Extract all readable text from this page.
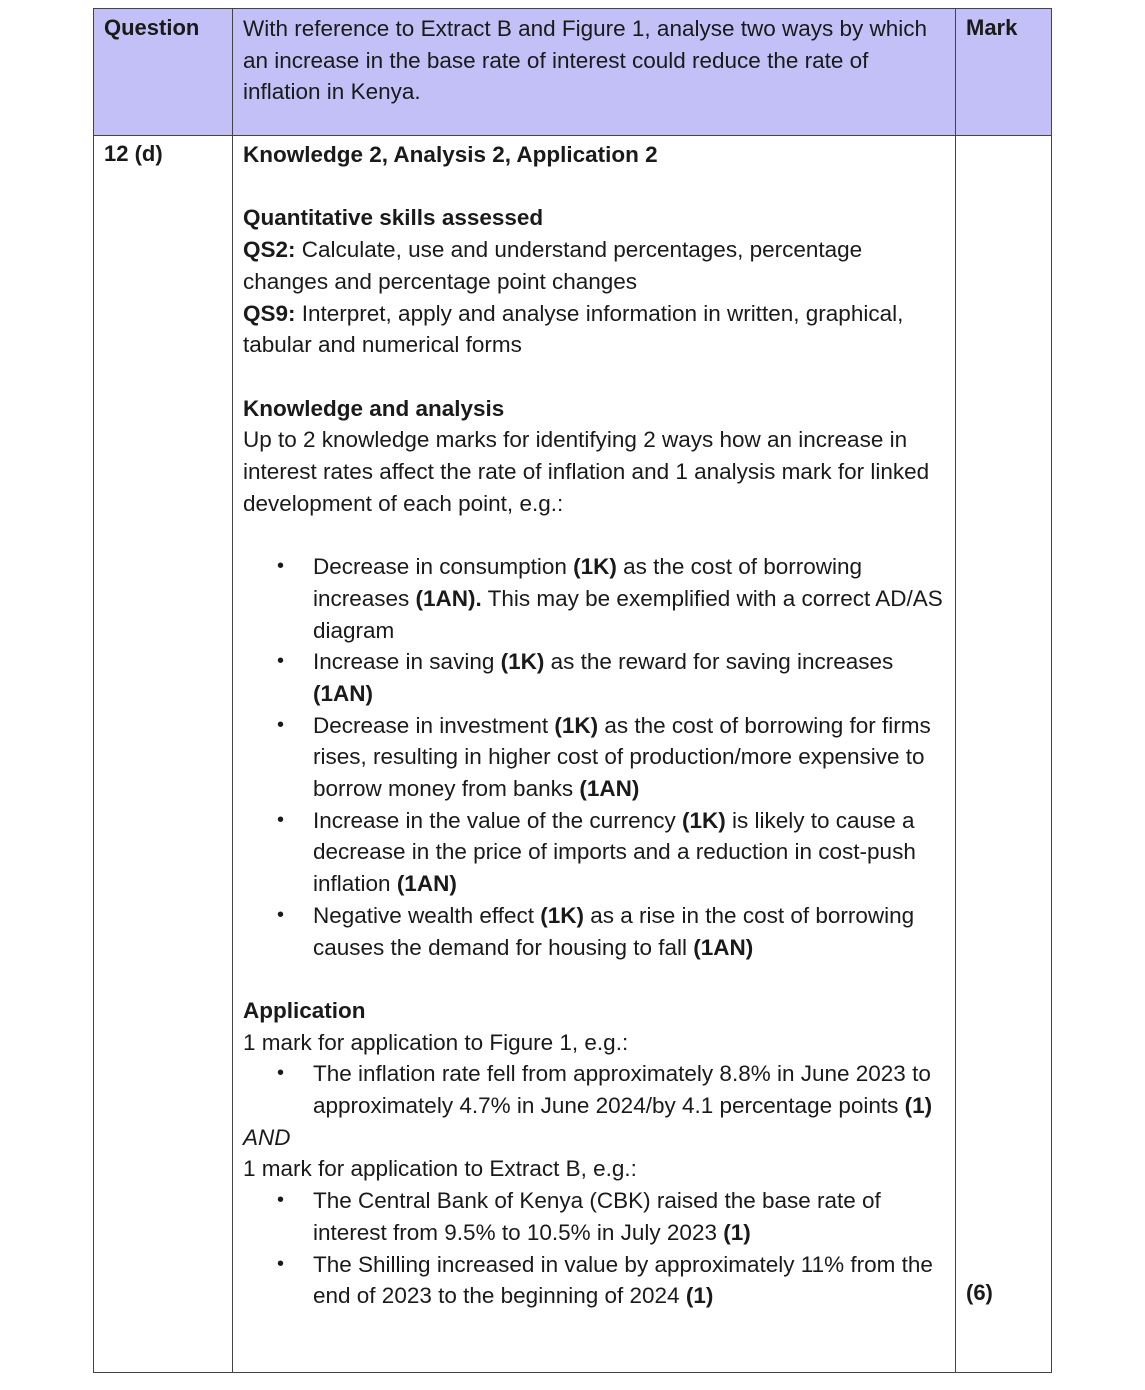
Question With reference to Extract B and Figure 1, analyse two ways by which an increase in the base rate of interest could reduce the rate of inflation in Kenya.
Mark
12 (d)	Knowledge 2, Analysis 2, Application 2

Quantitative skills assessed

QS2: Calculate, use and understand percentages, percentage changes and percentage point changes

QS9: Interpret, apply and analyse information in written, graphical, tabular and numerical forms

Knowledge and analysis

Up to 2 knowledge marks for identifying 2 ways how an increase in interest rates affect the rate of inflation and 1 analysis mark for linked development of each point, e.g.:

• Decrease in consumption (1K) as the cost of borrowing increases (1AN). This may be exemplified with a correct AD/AS diagram
• Increase in saving (1K) as the reward for saving increases (1AN)
• Decrease in investment (1K) as the cost of borrowing for firms rises, resulting in higher cost of production/more expensive to borrow money from banks (1AN)
• Increase in the value of the currency (1K) is likely to cause a decrease in the price of imports and a reduction in cost-push inflation (1AN)
• Negative wealth effect (1K) as a rise in the cost of borrowing causes the demand for housing to fall (1AN)

Application

1 mark for application to Figure 1, e.g.:

• The inflation rate fell from approximately 8.8% in June 2023 to approximately 4.7% in June 2024/by 4.1 percentage points (1)

AND

1 mark for application to Extract B, e.g.:

• The Central Bank of Kenya (CBK) raised the base rate of interest from 9.5% to 10.5% in July 2023 (1)
• The Shilling increased in value by approximately 11% from the end of 2023 to the beginning of 2024 (1)	(6)
